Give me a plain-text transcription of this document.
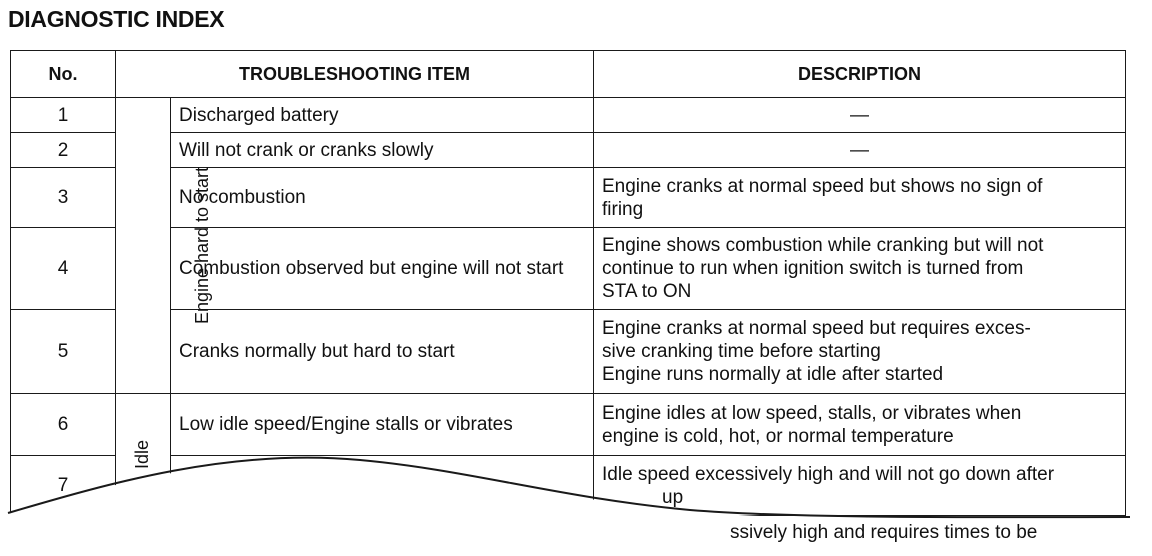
DIAGNOSTIC INDEX
No.	TROUBLESHOOTING ITEM		DESCRIPTION
1	Engine hard to start	Discharged battery	—
2		Will not crank or cranks slowly	—
3		No combustion	Engine cranks at normal speed but shows no sign of
firing

4		Combustion observed but engine will not start	Engine shows combustion while cranking but will not
continue to run when ignition switch is turned from
STA to ON

5		Cranks normally but hard to start	Engine cranks at normal speed but requires exces-
sive cranking time before starting
Engine runs normally at idle after started

6	Idle	Low idle speed/Engine stalls or vibrates	Engine idles at low speed, stalls, or vibrates when
engine is cold, hot, or normal temperature

7			Idle speed excessively high and will not go down after
up
ssively high and requires times to be
